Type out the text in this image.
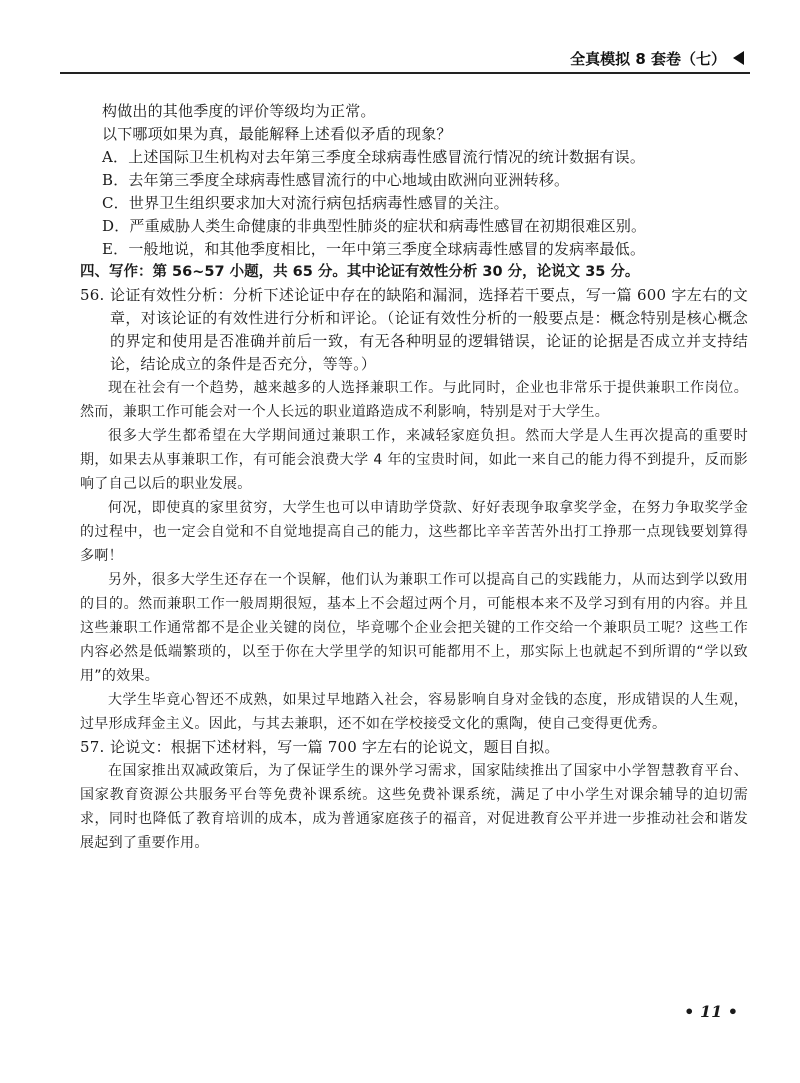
全真模拟 8 套卷（七）

构做出的其他季度的评价等级均为正常。

以下哪项如果为真，最能解释上述看似矛盾的现象？

A．上述国际卫生机构对去年第三季度全球病毒性感冒流行情况的统计数据有误。

B．去年第三季度全球病毒性感冒流行的中心地域由欧洲向亚洲转移。

C．世界卫生组织要求加大对流行病包括病毒性感冒的关注。

D．严重威胁人类生命健康的非典型性肺炎的症状和病毒性感冒在初期很难区别。

E．一般地说，和其他季度相比，一年中第三季度全球病毒性感冒的发病率最低。

四、写作：第 56~57 小题，共 65 分。其中论证有效性分析 30 分，论说文 35 分。

56. 论证有效性分析：分析下述论证中存在的缺陷和漏洞，选择若干要点，写一篇 600 字左右的文章，对该论证的有效性进行分析和评论。（论证有效性分析的一般要点是：概念特别是核心概念的界定和使用是否准确并前后一致，有无各种明显的逻辑错误，论证的论据是否成立并支持结论，结论成立的条件是否充分，等等。）

现在社会有一个趋势，越来越多的人选择兼职工作。与此同时，企业也非常乐于提供兼职工作岗位。然而，兼职工作可能会对一个人长远的职业道路造成不利影响，特别是对于大学生。

很多大学生都希望在大学期间通过兼职工作，来减轻家庭负担。然而大学是人生再次提高的重要时期，如果去从事兼职工作，有可能会浪费大学 4 年的宝贵时间，如此一来自己的能力得不到提升，反而影响了自己以后的职业发展。

何况，即使真的家里贫穷，大学生也可以申请助学贷款、好好表现争取拿奖学金，在努力争取奖学金的过程中，也一定会自觉和不自觉地提高自己的能力，这些都比辛辛苦苦外出打工挣那一点现钱要划算得多啊！

另外，很多大学生还存在一个误解，他们认为兼职工作可以提高自己的实践能力，从而达到学以致用的目的。然而兼职工作一般周期很短，基本上不会超过两个月，可能根本来不及学习到有用的内容。并且这些兼职工作通常都不是企业关键的岗位，毕竟哪个企业会把关键的工作交给一个兼职员工呢？这些工作内容必然是低端繁琐的，以至于你在大学里学的知识可能都用不上，那实际上也就起不到所谓的“学以致用”的效果。

大学生毕竟心智还不成熟，如果过早地踏入社会，容易影响自身对金钱的态度，形成错误的人生观，过早形成拜金主义。因此，与其去兼职，还不如在学校接受文化的熏陶，使自己变得更优秀。

57. 论说文：根据下述材料，写一篇 700 字左右的论说文，题目自拟。

在国家推出双减政策后，为了保证学生的课外学习需求，国家陆续推出了国家中小学智慧教育平台、国家教育资源公共服务平台等免费补课系统。这些免费补课系统，满足了中小学生对课余辅导的迫切需求，同时也降低了教育培训的成本，成为普通家庭孩子的福音，对促进教育公平并进一步推动社会和谐发展起到了重要作用。

• 11 •
